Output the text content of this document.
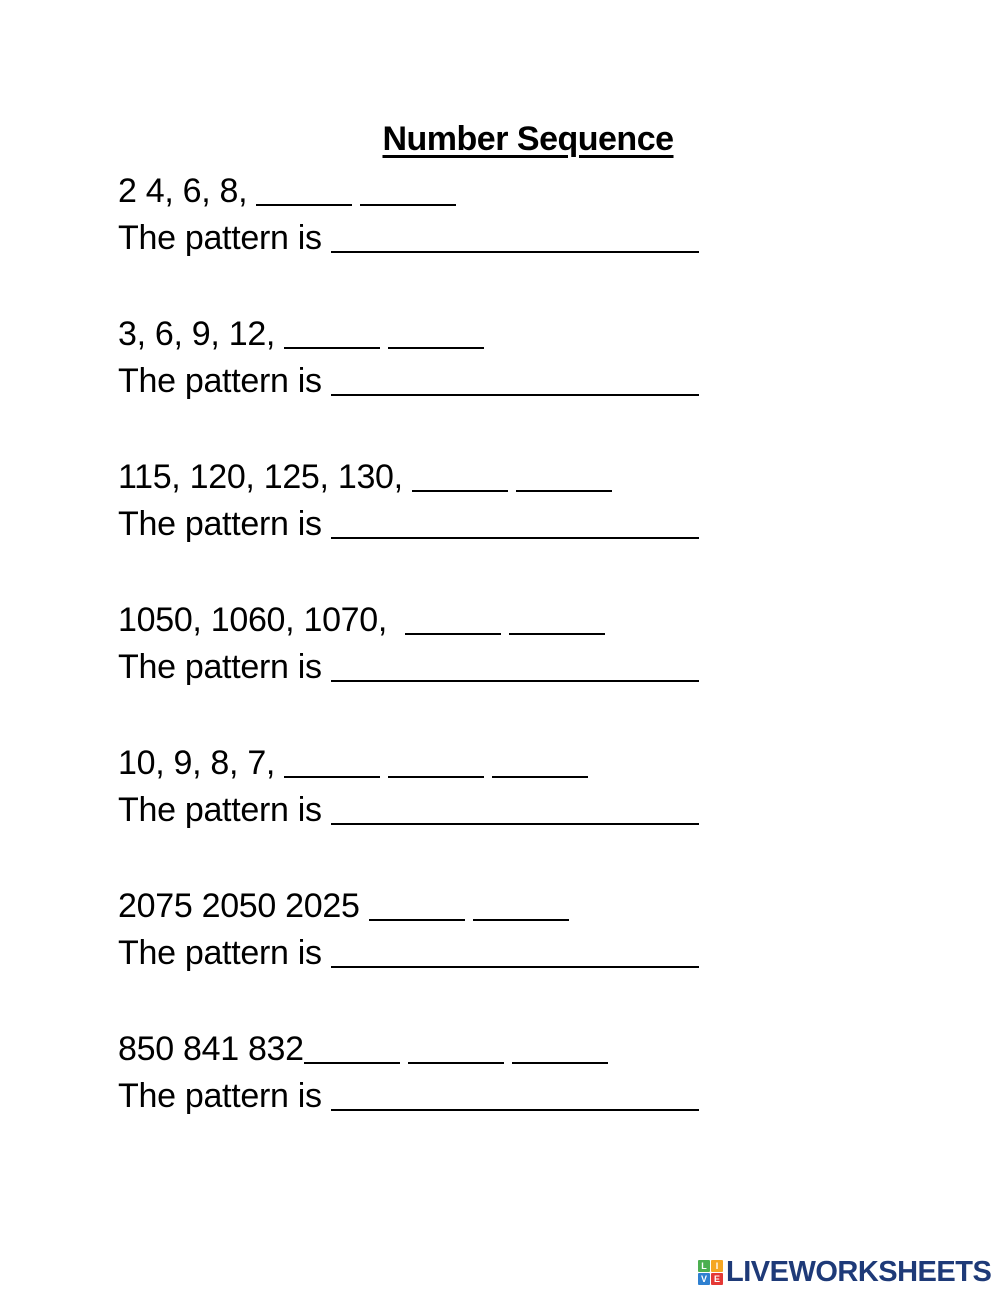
Number Sequence
2 4, 6, 8,
The pattern is
3, 6, 9, 12,
The pattern is
115, 120, 125, 130,
The pattern is
1050, 1060, 1070,
The pattern is
10, 9, 8, 7,
The pattern is
2075 2050 2025
The pattern is
850 841 832
The pattern is
L I
V E LIVEWORKSHEETS
